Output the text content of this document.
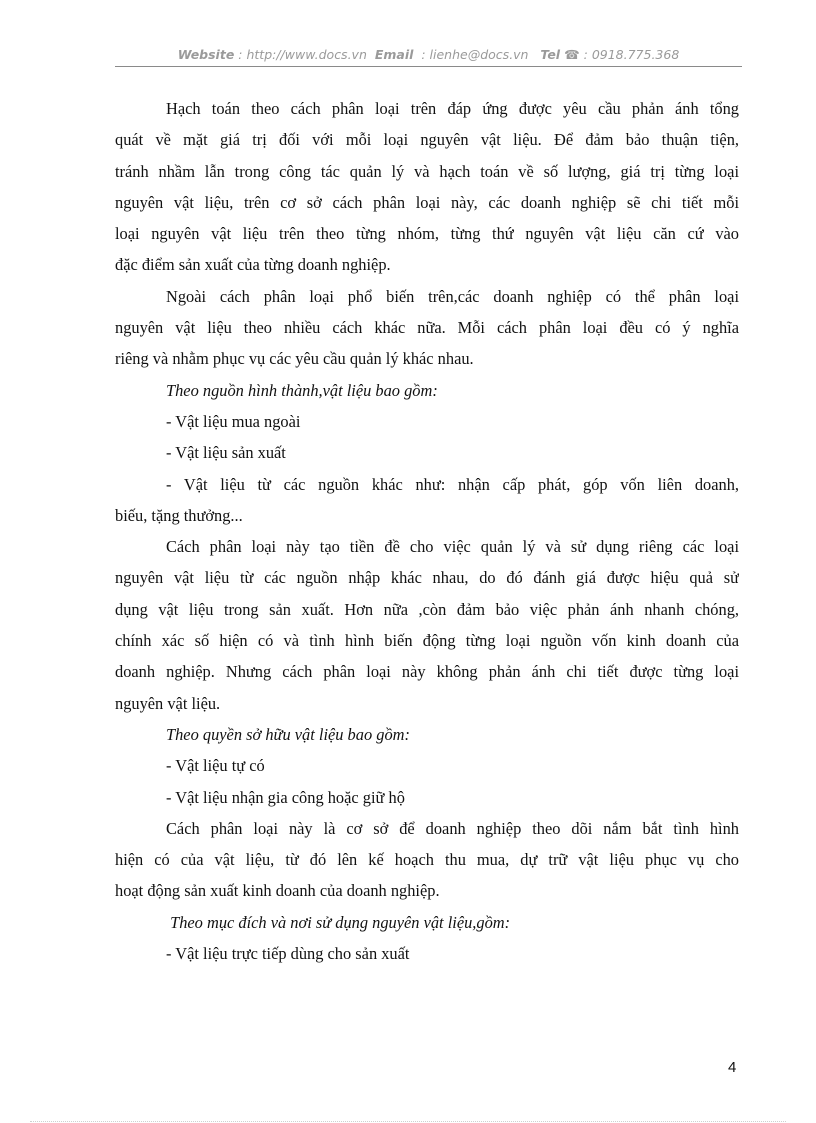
Website : http://www.docs.vn Email  : lienhe@docs.vn Tel ☎ : 0918.775.368
Hạch toán theo cách phân loại trên đáp ứng được yêu cầu phản ánh tổng
quát về mặt giá trị đối với mỗi loại nguyên vật liệu. Để đảm bảo thuận tiện,
tránh nhầm lẫn trong công tác quản lý và hạch toán về số lượng, giá trị từng loại
nguyên vật liệu, trên cơ sở cách phân loại này, các doanh nghiệp sẽ chi tiết mỗi
loại nguyên vật liệu trên theo từng nhóm, từng thứ nguyên vật liệu căn cứ vào
đặc điểm sản xuất của từng doanh nghiệp.
Ngoài cách phân loại phổ biến trên,các doanh nghiệp có thể phân loại
nguyên vật liệu theo nhiều cách khác nữa. Mỗi cách phân loại đều có ý nghĩa
riêng và nhằm phục vụ các yêu cầu quản lý khác nhau.
Theo nguồn hình thành,vật liệu bao gồm:
- Vật liệu mua ngoài
- Vật liệu sản xuất
- Vật liệu từ các nguồn khác như: nhận cấp phát, góp vốn liên doanh,
biếu, tặng thưởng...
Cách phân loại này tạo tiền đề cho việc quản lý và sử dụng riêng các loại
nguyên vật liệu từ các nguồn nhập khác nhau, do đó đánh giá được hiệu quả sử
dụng vật liệu trong sản xuất. Hơn nữa ,còn đảm bảo việc phản ánh nhanh chóng,
chính xác số hiện có và tình hình biến động từng loại nguồn vốn kinh doanh của
doanh nghiệp. Nhưng cách phân loại này không phản ánh chi tiết được từng loại
nguyên vật liệu.
Theo quyền sở hữu vật liệu bao gồm:
- Vật liệu tự có
- Vật liệu nhận gia công hoặc giữ hộ
Cách phân loại này là cơ sở để doanh nghiệp theo dõi nắm bắt tình hình
hiện có của vật liệu, từ đó lên kế hoạch thu mua, dự trữ vật liệu phục vụ cho
hoạt động sản xuất kinh doanh của doanh nghiệp.
Theo mục đích và nơi sử dụng nguyên vật liệu,gồm:
- Vật liệu trực tiếp dùng cho sản xuất
4
